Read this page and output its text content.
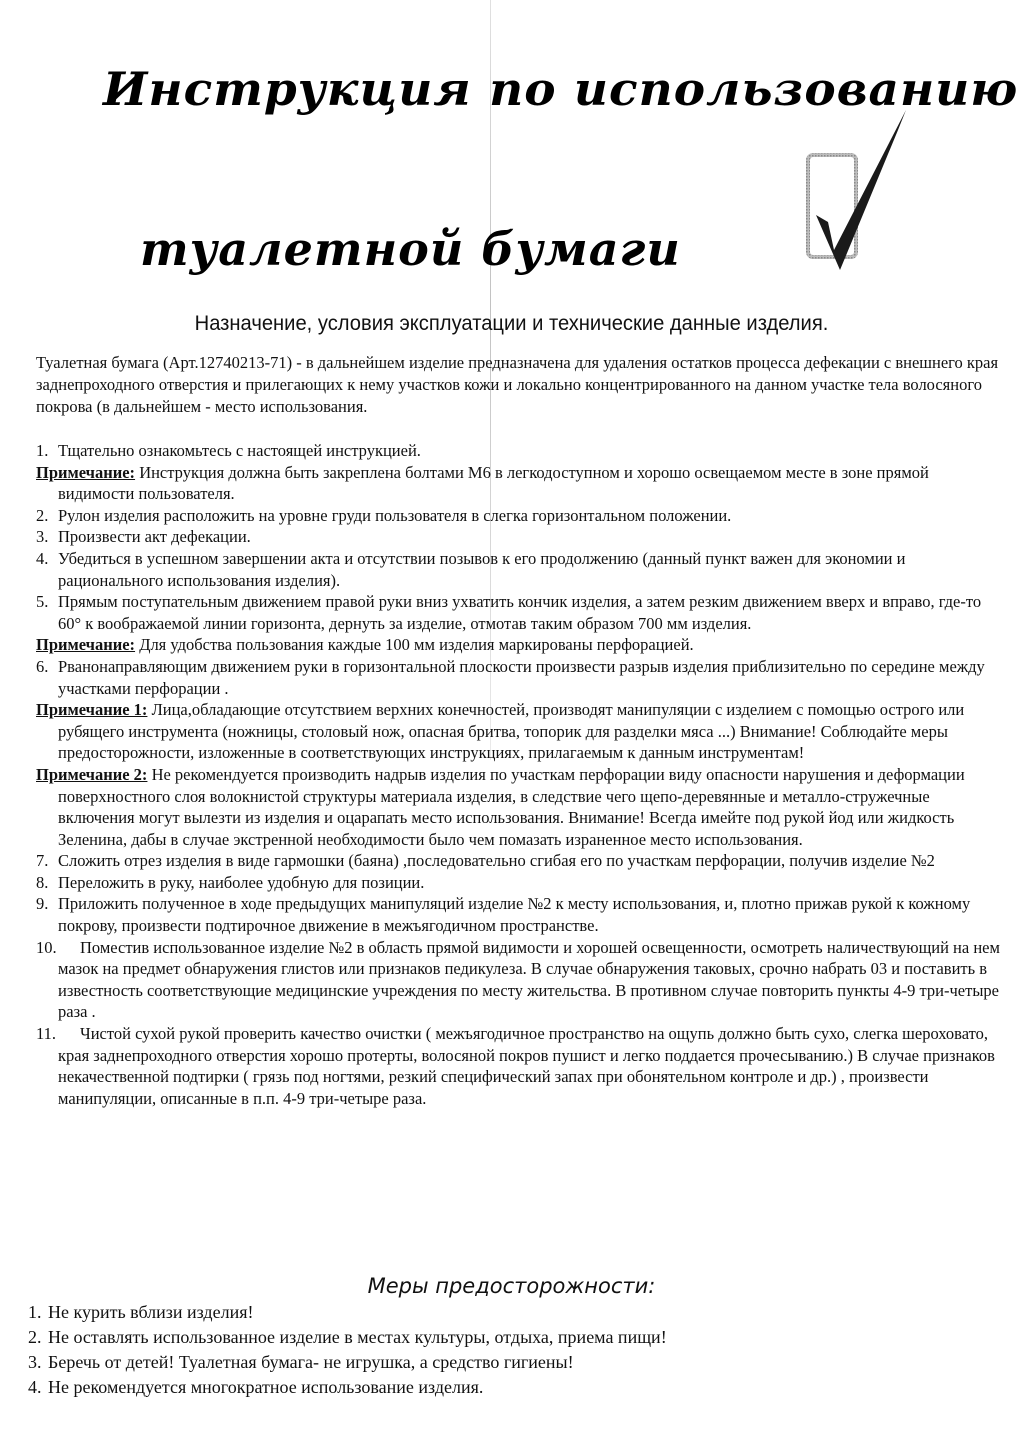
Инструкция по использованию
туалетной бумаги
Назначение, условия эксплуатации и технические данные изделия.
Туалетная бумага (Арт.12740213-71) - в дальнейшем изделие предназначена для удаления остатков процесса дефекации с внешнего края заднепроходного отверстия и прилегающих к нему участков кожи и локально концентрированного на данном участке тела волосяного покрова (в дальнейшем - место использования.
1. Тщательно ознакомьтесь с настоящей инструкцией.
Примечание: Инструкция должна быть закреплена болтами М6 в легкодоступном и хорошо освещаемом месте в зоне прямой видимости пользователя.
2. Рулон изделия расположить на уровне груди пользователя в слегка горизонтальном положении.
3. Произвести акт дефекации.
4. Убедиться в успешном завершении акта и отсутствии позывов к его продолжению (данный пункт важен для экономии и рационального использования изделия).
5. Прямым поступательным движением правой руки вниз ухватить кончик изделия, а затем резким движением вверх и вправо, где-то 60° к воображаемой линии горизонта, дернуть за изделие, отмотав таким образом 700 мм изделия.
Примечание: Для удобства пользования каждые 100 мм изделия маркированы перфорацией.
6. Рванонаправляющим движением руки в горизонтальной плоскости произвести разрыв изделия приблизительно по середине между участками перфорации .
Примечание 1: Лица,обладающие отсутствием верхних конечностей, производят манипуляции с изделием с помощью острого или рубящего инструмента (ножницы, столовый нож, опасная бритва, топорик для разделки мяса ...) Внимание! Соблюдайте меры предосторожности, изложенные в соответствующих инструкциях, прилагаемым к данным инструментам!
Примечание 2: Не рекомендуется производить надрыв изделия по участкам перфорации виду опасности нарушения и деформации поверхностного слоя волокнистой структуры материала изделия, в следствие чего щепо-деревянные и металло-стружечные включения могут вылезти из изделия и оцарапать место использования. Внимание! Всегда имейте под рукой йод или жидкость Зеленина, дабы в случае экстренной необходимости было чем помазать израненное место использования.
7. Сложить отрез изделия в виде гармошки (баяна) ,последовательно сгибая его по участкам перфорации, получив изделие №2
8. Переложить в руку, наиболее удобную для позиции.
9. Приложить полученное в ходе предыдущих манипуляций изделие №2 к месту использования, и, плотно прижав рукой к кожному покрову, произвести подтирочное движение в межъягодичном пространстве.
10. Поместив использованное изделие №2 в область прямой видимости и хорошей освещенности, осмотреть наличествующий на нем мазок на предмет обнаружения глистов или признаков педикулеза. В случае обнаружения таковых, срочно набрать 03 и поставить в известность соответствующие медицинские учреждения по месту жительства. В противном случае повторить пункты 4-9 три-четыре раза .
11. Чистой сухой рукой проверить качество очистки ( межъягодичное пространство на ощупь должно быть сухо, слегка шероховато, края заднепроходного отверстия хорошо протерты, волосяной покров пушист и легко поддается прочесыванию.) В случае признаков некачественной подтирки ( грязь под ногтями, резкий специфический запах при обонятельном контроле и др.) , произвести манипуляции, описанные в п.п. 4-9 три-четыре раза.
Меры предосторожности:
1. Не курить вблизи изделия!
2. Не оставлять использованное изделие в местах культуры, отдыха, приема пищи!
3. Беречь от детей! Туалетная бумага- не игрушка, а средство гигиены!
4. Не рекомендуется многократное использование изделия.
